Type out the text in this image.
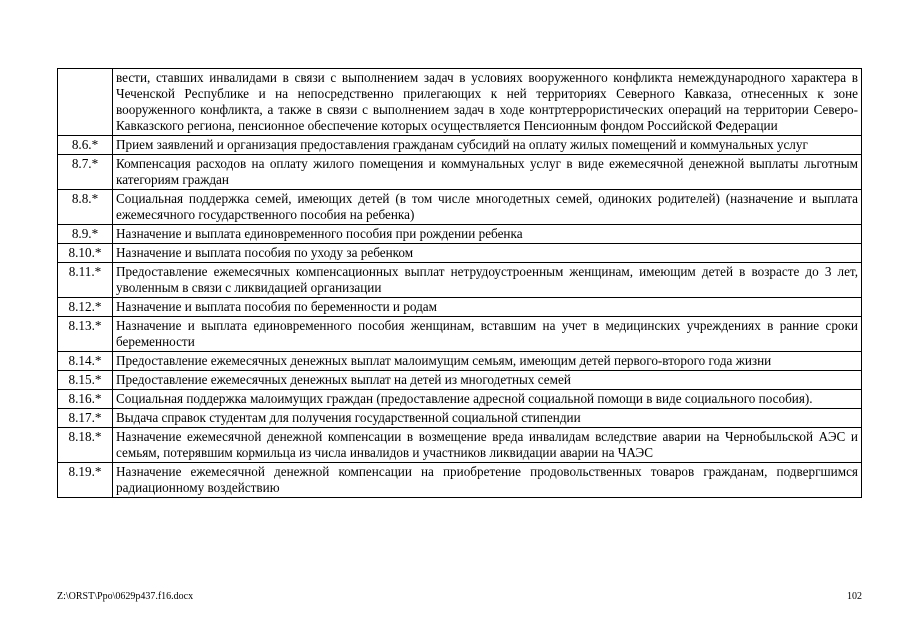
	вести, ставших инвалидами в связи с выполнением задач в условиях вооруженного конфликта немеждународного характера в Чеченской Республике и на непосредственно прилегающих к ней территориях Северного Кавказа, отнесенных к зоне вооруженного конфликта, а также в связи с выполнением задач в ходе контртеррористических операций на территории Северо-Кавказского региона, пенсионное обеспечение которых осуществляется Пенсионным фондом Российской Федерации
8.6.*	Прием заявлений и организация предоставления гражданам субсидий на оплату жилых помещений и коммунальных услуг
8.7.*	Компенсация расходов на оплату жилого помещения и коммунальных услуг в виде ежемесячной денежной выплаты льготным категориям граждан
8.8.*	Социальная поддержка семей, имеющих детей (в том числе многодетных семей, одиноких родителей) (назначение и выплата ежемесячного государственного пособия на ребенка)
8.9.*	Назначение и выплата единовременного пособия при рождении ребенка
8.10.*	Назначение и выплата пособия по уходу за ребенком
8.11.*	Предоставление ежемесячных компенсационных выплат нетрудоустроенным женщинам, имеющим детей в возрасте до 3 лет, уволенным в связи с ликвидацией организации
8.12.*	Назначение и выплата пособия по беременности и родам
8.13.*	Назначение и выплата единовременного пособия женщинам, вставшим на учет в медицинских учреждениях в ранние сроки беременности
8.14.*	Предоставление ежемесячных денежных выплат малоимущим семьям, имеющим детей первого-второго года жизни
8.15.*	Предоставление ежемесячных денежных выплат на детей из многодетных семей
8.16.*	Социальная поддержка малоимущих граждан (предоставление адресной социальной помощи в виде социального пособия).
8.17.*	Выдача справок студентам для получения государственной социальной стипендии
8.18.*	Назначение ежемесячной денежной компенсации в возмещение вреда инвалидам вследствие аварии на Чернобыльской АЭС и семьям, потерявшим кормильца из числа инвалидов и участников ликвидации аварии на ЧАЭС
8.19.*	Назначение ежемесячной денежной компенсации на приобретение продовольственных товаров гражданам, подвергшимся радиационному воздействию
Z:\ORST\Ppo\0629p437.f16.docx	102
